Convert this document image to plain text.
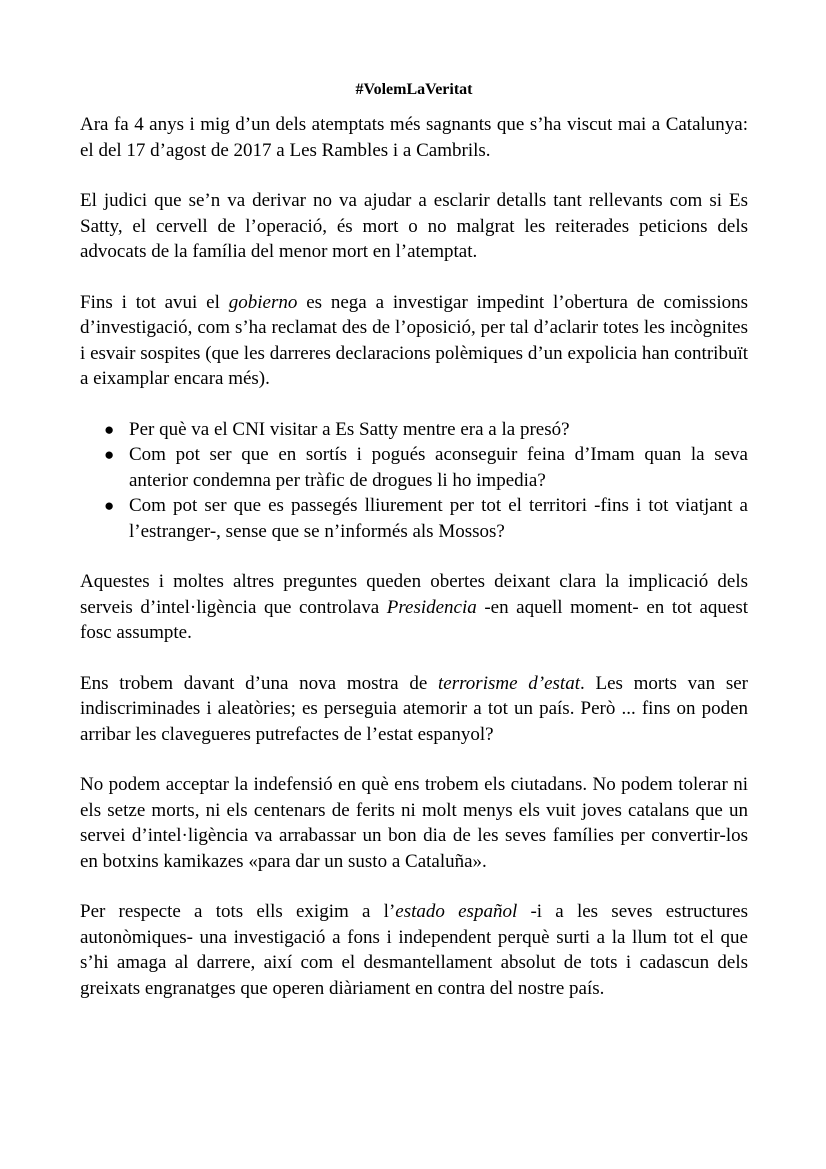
#VolemLaVeritat

Ara fa 4 anys i mig d’un dels atemptats més sagnants que s’ha viscut mai a Catalunya: el del 17 d’agost de 2017 a Les Rambles i a Cambrils.

El judici que se’n va derivar no va ajudar a esclarir detalls tant rellevants com si Es Satty, el cervell de l’operació, és mort o no malgrat les reiterades peticions dels advocats de la família del menor mort en l’atemptat.

Fins i tot avui el gobierno es nega a investigar impedint l’obertura de comissions d’investigació, com s’ha reclamat des de l’oposició, per tal d’aclarir totes les incògnites i esvair sospites (que les darreres declaracions polèmiques d’un expolicia han contribuït a eixamplar encara més).

● Per què va el CNI visitar a Es Satty mentre era a la presó?
● Com pot ser que en sortís i pogués aconseguir feina d’Imam quan la seva anterior condemna per tràfic de drogues li ho impedia?
● Com pot ser que es passegés lliurement per tot el territori -fins i tot viatjant a l’estranger-, sense que se n’informés als Mossos?

Aquestes i moltes altres preguntes queden obertes deixant clara la implicació dels serveis d’intel·ligència que controlava Presidencia -en aquell moment- en tot aquest fosc assumpte.

Ens trobem davant d’una nova mostra de terrorisme d’estat. Les morts van ser indiscriminades i aleatòries; es perseguia atemorir a tot un país. Però ... fins on poden arribar les clavegueres putrefactes de l’estat espanyol?

No podem acceptar la indefensió en què ens trobem els ciutadans. No podem tolerar ni els setze morts, ni els centenars de ferits ni molt menys els vuit joves catalans que un servei d’intel·ligència va arrabassar un bon dia de les seves famílies per convertir-los en botxins kamikazes «para dar un susto a Cataluña».

Per respecte a tots ells exigim a l’estado español -i a les seves estructures autonòmiques- una investigació a fons i independent perquè surti a la llum tot el que s’hi amaga al darrere, així com el desmantellament absolut de tots i cadascun dels greixats engranatges que operen diàriament en contra del nostre país.
